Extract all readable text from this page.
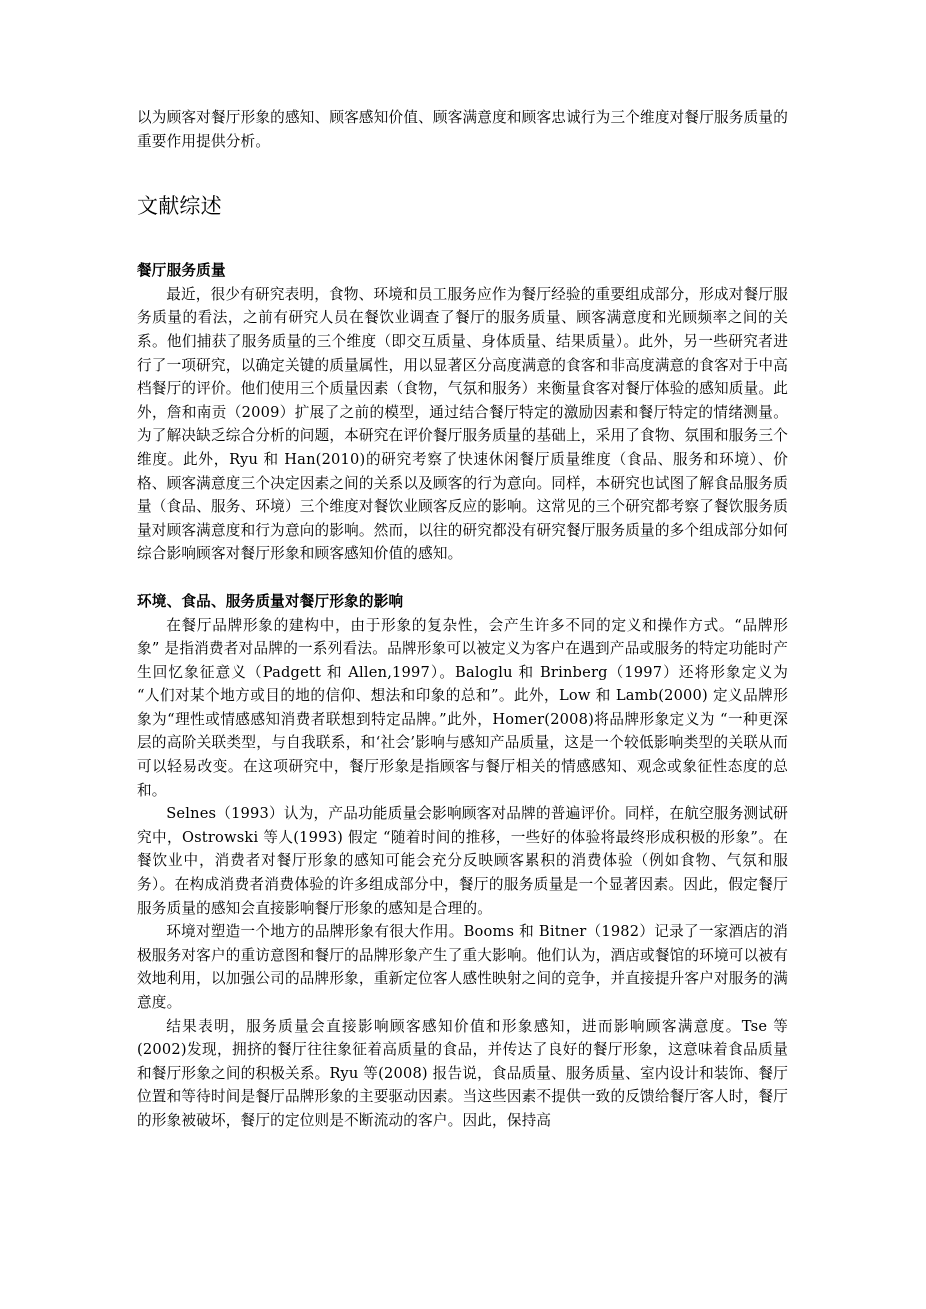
以为顾客对餐厅形象的感知、顾客感知价值、顾客满意度和顾客忠诚行为三个维度对餐厅服务质量的重要作用提供分析。

文献综述
餐厅服务质量

最近，很少有研究表明，食物、环境和员工服务应作为餐厅经验的重要组成部分，形成对餐厅服务质量的看法，之前有研究人员在餐饮业调查了餐厅的服务质量、顾客满意度和光顾频率之间的关系。他们捕获了服务质量的三个维度（即交互质量、身体质量、结果质量）。此外，另一些研究者进行了一项研究，以确定关键的质量属性，用以显著区分高度满意的食客和非高度满意的食客对于中高档餐厅的评价。他们使用三个质量因素（食物，气氛和服务）来衡量食客对餐厅体验的感知质量。此外，詹和南贡（2009）扩展了之前的模型，通过结合餐厅特定的激励因素和餐厅特定的情绪测量。为了解决缺乏综合分析的问题，本研究在评价餐厅服务质量的基础上，采用了食物、氛围和服务三个维度。此外，Ryu 和 Han(2010)的研究考察了快速休闲餐厅质量维度（食品、服务和环境）、价格、顾客满意度三个决定因素之间的关系以及顾客的行为意向。同样，本研究也试图了解食品服务质量（食品、服务、环境）三个维度对餐饮业顾客反应的影响。这常见的三个研究都考察了餐饮服务质量对顾客满意度和行为意向的影响。然而，以往的研究都没有研究餐厅服务质量的多个组成部分如何综合影响顾客对餐厅形象和顾客感知价值的感知。

环境、食品、服务质量对餐厅形象的影响

在餐厅品牌形象的建构中，由于形象的复杂性，会产生许多不同的定义和操作方式。“品牌形象” 是指消费者对品牌的一系列看法。品牌形象可以被定义为客户在遇到产品或服务的特定功能时产生回忆象征意义（Padgett 和 Allen,1997）。Baloglu 和 Brinberg（1997）还将形象定义为 “人们对某个地方或目的地的信仰、想法和印象的总和”。此外，Low 和 Lamb(2000) 定义品牌形象为“理性或情感感知消费者联想到特定品牌。”此外，Homer(2008)将品牌形象定义为 “一种更深层的高阶关联类型，与自我联系，和‘社会’影响与感知产品质量，这是一个较低影响类型的关联从而可以轻易改变。在这项研究中，餐厅形象是指顾客与餐厅相关的情感感知、观念或象征性态度的总和。

Selnes（1993）认为，产品功能质量会影响顾客对品牌的普遍评价。同样，在航空服务测试研究中，Ostrowski 等人(1993) 假定 “随着时间的推移，一些好的体验将最终形成积极的形象”。在餐饮业中，消费者对餐厅形象的感知可能会充分反映顾客累积的消费体验（例如食物、气氛和服务）。在构成消费者消费体验的许多组成部分中，餐厅的服务质量是一个显著因素。因此，假定餐厅服务质量的感知会直接影响餐厅形象的感知是合理的。

环境对塑造一个地方的品牌形象有很大作用。Booms 和 Bitner（1982）记录了一家酒店的消极服务对客户的重访意图和餐厅的品牌形象产生了重大影响。他们认为，酒店或餐馆的环境可以被有效地利用，以加强公司的品牌形象，重新定位客人感性映射之间的竞争，并直接提升客户对服务的满意度。

结果表明，服务质量会直接影响顾客感知价值和形象感知，进而影响顾客满意度。Tse 等(2002)发现，拥挤的餐厅往往象征着高质量的食品，并传达了良好的餐厅形象，这意味着食品质量和餐厅形象之间的积极关系。Ryu 等(2008) 报告说，食品质量、服务质量、室内设计和装饰、餐厅位置和等待时间是餐厅品牌形象的主要驱动因素。当这些因素不提供一致的反馈给餐厅客人时，餐厅的形象被破坏，餐厅的定位则是不断流动的客户。因此，保持高
